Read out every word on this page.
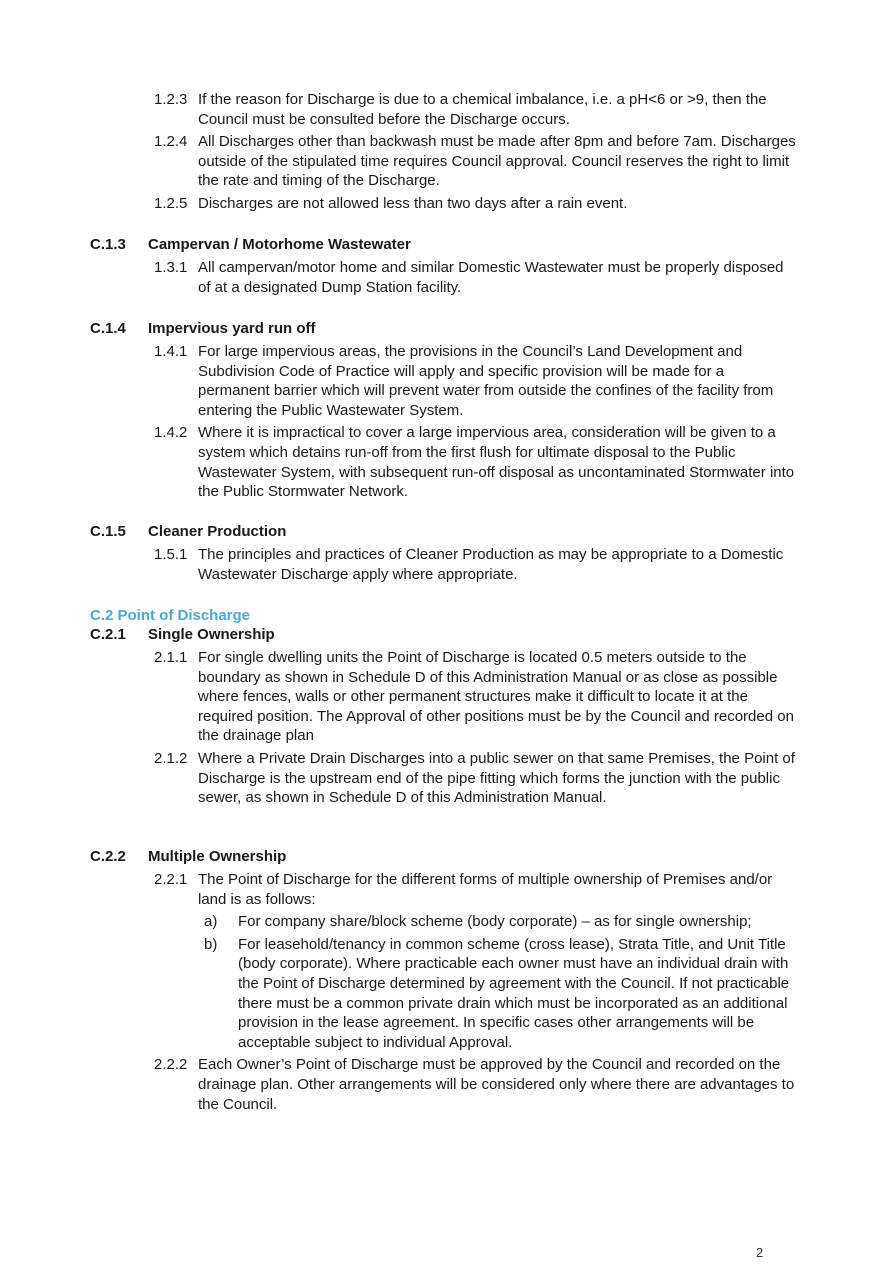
1.2.3 If the reason for Discharge is due to a chemical imbalance, i.e. a pH<6 or >9, then the Council must be consulted before the Discharge occurs.
1.2.4 All Discharges other than backwash must be made after 8pm and before 7am. Discharges outside of the stipulated time requires Council approval. Council reserves the right to limit the rate and timing of the Discharge.
1.2.5 Discharges are not allowed less than two days after a rain event.
C.1.3 Campervan / Motorhome Wastewater
1.3.1 All campervan/motor home and similar Domestic Wastewater must be properly disposed of at a designated Dump Station facility.
C.1.4 Impervious yard run off
1.4.1 For large impervious areas, the provisions in the Council’s Land Development and Subdivision Code of Practice will apply and specific provision will be made for a permanent barrier which will prevent water from outside the confines of the facility from entering the Public Wastewater System.
1.4.2 Where it is impractical to cover a large impervious area, consideration will be given to a system which detains run-off from the first flush for ultimate disposal to the Public Wastewater System, with subsequent run-off disposal as uncontaminated Stormwater into the Public Stormwater Network.
C.1.5 Cleaner Production
1.5.1 The principles and practices of Cleaner Production as may be appropriate to a Domestic Wastewater Discharge apply where appropriate.
C.2 Point of Discharge
C.2.1 Single Ownership
2.1.1 For single dwelling units the Point of Discharge is located 0.5 meters outside to the boundary as shown in Schedule D of this Administration Manual or as close as possible where fences, walls or other permanent structures make it difficult to locate it at the required position. The Approval of other positions must be by the Council and recorded on the drainage plan
2.1.2 Where a Private Drain Discharges into a public sewer on that same Premises, the Point of Discharge is the upstream end of the pipe fitting which forms the junction with the public sewer, as shown in Schedule D of this Administration Manual.
C.2.2 Multiple Ownership
2.2.1 The Point of Discharge for the different forms of multiple ownership of Premises and/or land is as follows:
a) For company share/block scheme (body corporate) – as for single ownership;
b) For leasehold/tenancy in common scheme (cross lease), Strata Title, and Unit Title (body corporate). Where practicable each owner must have an individual drain with the Point of Discharge determined by agreement with the Council. If not practicable there must be a common private drain which must be incorporated as an additional provision in the lease agreement. In specific cases other arrangements will be acceptable subject to individual Approval.
2.2.2 Each Owner’s Point of Discharge must be approved by the Council and recorded on the drainage plan. Other arrangements will be considered only where there are advantages to the Council.
2
